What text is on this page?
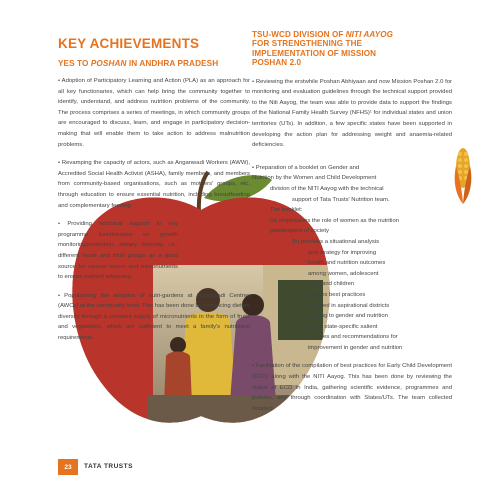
KEY ACHIEVEMENTS
YES TO POSHAN IN ANDHRA PRADESH
• Adoption of Participatory Learning and Action (PLA) as an approach for all key functionaries, which can help bring the community together to identify, understand, and address nutrition problems of the community. The process comprises a series of meetings, in which community groups are encouraged to discuss, learn, and engage in participatory decision-making that will enable them to take action to address malnutrition problems.
• Revamping the capacity of actors, such as Anganwadi Workers (AWW), Accredited Social Health Activist (ASHA), family members, and members from community-based organisations, such as mothers' groups, etc. through education to ensure essential nutrition, including breastfeeding and complementary feeding.
• Providing technical support to key programme functionaries on growth monitoring/promotion, dietary diversity, i.e., different foods and food groups as a good source for various macro and micronutrients to ensure nutrient adequacy.
• Popularising the adoption of nutri-gardens at Anganwadi Centres (AWCs) at the community level. This has been done by enhancing dietary diversity through a constant supply of micronutrients in the form of fruits and vegetables, which are sufficient to meet a family's nutritional requirements.
TSU-WCD DIVISION OF NITI AAYOG
FOR STRENGTHENING THE
IMPLEMENTATION OF MISSION
POSHAN 2.0
• Reviewing the erstwhile Poshan Abhiyaan and now Mission Poshan 2.0 for monitoring and evaluation guidelines through the technical support provided to the Niti Aayog, the team was able to provide data to support the findings of the National Family Health Survey (NFHS)¹ for individual states and union territories (UTs). In addition, a few specific states have been supported in developing the action plan for addressing weight and anaemia-related deficiencies.
• Preparation of a booklet on Gender and
Nutrition by the Women and Child Development
division of the NITI Aayog with the technical
support of Tata Trusts' Nutrition team.
The booklet:
(a) emphasises the role of women as the nutrition
gatekeepers of society
(b) provides a situational analysis
and strategy for improving
health and nutrition outcomes
among women, adolescent
girls, and children
(c) advocates best practices
followed in aspirational districts
relating to gender and nutrition
(c) provides state-specific salient
features and recommendations for
improvement in gender and nutrition
• Facilitation of the compilation of best practices for Early Child Development (ECD) along with the NITI Aayog. This has been done by reviewing the status of ECD in India, gathering scientific evidence, programmes and policies, and through coordination with States/UTs. The team collected detailed
23	TATA TRUSTS
